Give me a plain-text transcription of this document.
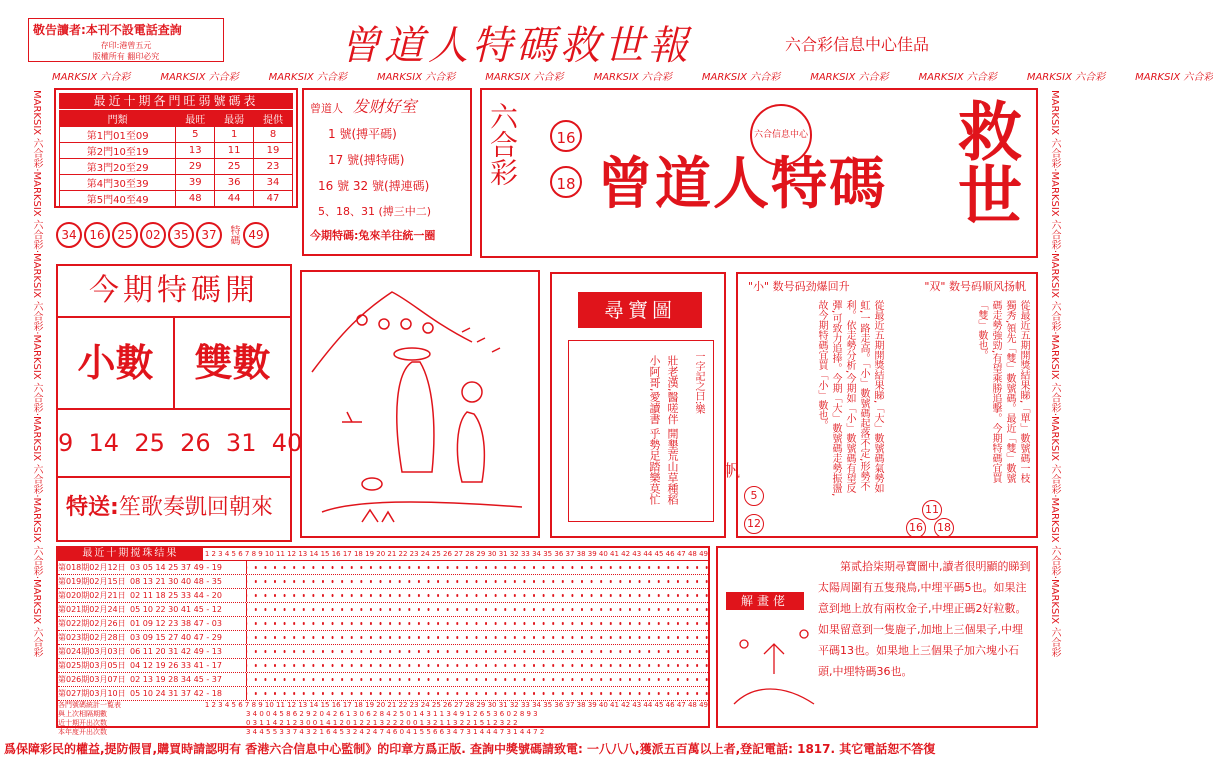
敬告讀者:本刊不設電話查詢
存印:港曾五元
版權所有 翻印必究	曾道人特碼救世報	六合彩信息中心佳品
MARKSIX 六合彩	MARKSIX 六合彩	MARKSIX 六合彩	MARKSIX 六合彩	MARKSIX 六合彩	MARKSIX 六合彩	MARKSIX 六合彩	MARKSIX 六合彩	MARKSIX 六合彩	MARKSIX 六合彩	MARKSIX 六合彩
MARKSIX 六合彩·MARKSIX 六合彩·MARKSIX 六合彩·MARKSIX 六合彩·MARKSIX 六合彩·MARKSIX 六合彩·MARKSIX 六合彩
MARKSIX 六合彩·MARKSIX 六合彩·MARKSIX 六合彩·MARKSIX 六合彩·MARKSIX 六合彩·MARKSIX 六合彩·MARKSIX 六合彩
最近十期各門旺弱號碼表
門類	最旺	最弱	提供
第1門01至09	5	1	8
第2門10至19	13	11	19
第3門20至29	29	25	23
第4門30至39	39	36	34
第5門40至49	48	44	47
34	16	25	02	35	37	特碼 49
曾道人 发财好室
1 號(搏平碼)
17 號(搏特碼)
16 號 32 號(搏連碼)
5、18、31 (搏三中二)
今期特碼:兔來羊往統一圈
六合彩	16
18 曾道人特碼
六合信息中心 救世
今期特碼開
小數	雙數
9  14  25  26  31  40
特送:笙歌奏凱回朝來
尋寶圖
一字記之曰:樂
壯老漢,醫嗟伴 開墾荒山草種稻 小阿哥,愛讀書 乎勢足踏樂莫忙
"小" 数号码劲爆回升	"双" 数号码顺风扬帆
從最近五期開獎結果睇,「大」數號碼氣勢如虹,一路走高。「小」數號碼起落不定,形勢不利。依走勢分析,今期如「小」數號碼有望反彈,可致力追捧。今期「大」數號碼走勢振盪,故今期特碼宜買「小」數也。	從最近五期開獎結果睇,「單」數號碼一枝獨秀,領先「雙」數號碼。最近「雙」數號碼走勢強勁,有望乘勝追擊。今期特碼宜買「雙」數也。
5
12
11
16 18
帆
最近十期搅珠结果	1 2 3 4 5 6 7 8 9 10 11 12 13 14 15 16 17 18 19 20 21 22 23 24 25 26 27 28 29 30 31 32 33 34 35 36 37 38 39 40 41 42 43 44 45 46 47 48 49
第018期02月12日 03 05 14 25 37 49 - 19
第019期02月15日 08 13 21 30 40 48 - 35
第020期02月21日 02 11 18 25 33 44 - 20
第021期02月24日 05 10 22 30 41 45 - 12
第022期02月26日 01 09 12 23 38 47 - 03
第023期02月28日 03 09 15 27 40 47 - 29
第024期03月03日 06 11 20 31 42 49 - 13
第025期03月05日 04 12 19 26 33 41 - 17
第026期03月07日 02 13 19 28 34 45 - 37
第027期03月10日 05 10 24 31 37 42 - 18
各門號碼統計一覧表	1 2 3 4 5 6 7 8 9 10 11 12 13 14 15 16 17 18 19 20 21 22 23 24 25 26 27 28 29 30 31 32 33 34 35 36 37 38 39 40 41 42 43 44 45 46 47 48 49
與上次相隔期數	3 4 0 0 4 5 8 6 2 9 2 0 4 2 6 1 3 0 6 2 8 4 2 5 0 1 4 3 1 1 3 4 9 1 2 6 5 3 6 0 2 8 9 3
近十期开出次数	0 3 1 1 4 2 1 2 3 0 0 1 4 1 2 0 1 2 2 1 3 2 2 2 0 0 1 3 2 1 1 3 2 2 1 5 1 2 3 2 2
本年度开出次数	3 4 4 5 5 3 3 7 4 3 2 1 6 4 5 3 2 4 2 4 7 4 6 0 4 1 5 5 6 6 3 4 7 3 1 4 4 4 7 3 1 4 4 7 2
解畫佬
第贰拾柒期尋寶圖中,讀者很明顯的睇到太陽周圍有五隻飛鳥,中埋平碼5也。如果注意到地上放有兩枚金子,中埋正碼2好粒數。如果留意到一隻鹿子,加地上三個果子,中埋平碼13也。如果地上三個果子加六塊小石頭,中埋特碼36也。
爲保障彩民的權益,提防假冒,購買時請認明有 香港六合信息中心監制》的印章方爲正版. 查詢中獎號碼請致電: 一八八八,獲派五百萬以上者,登記電話: 1817. 其它電話恕不答復
